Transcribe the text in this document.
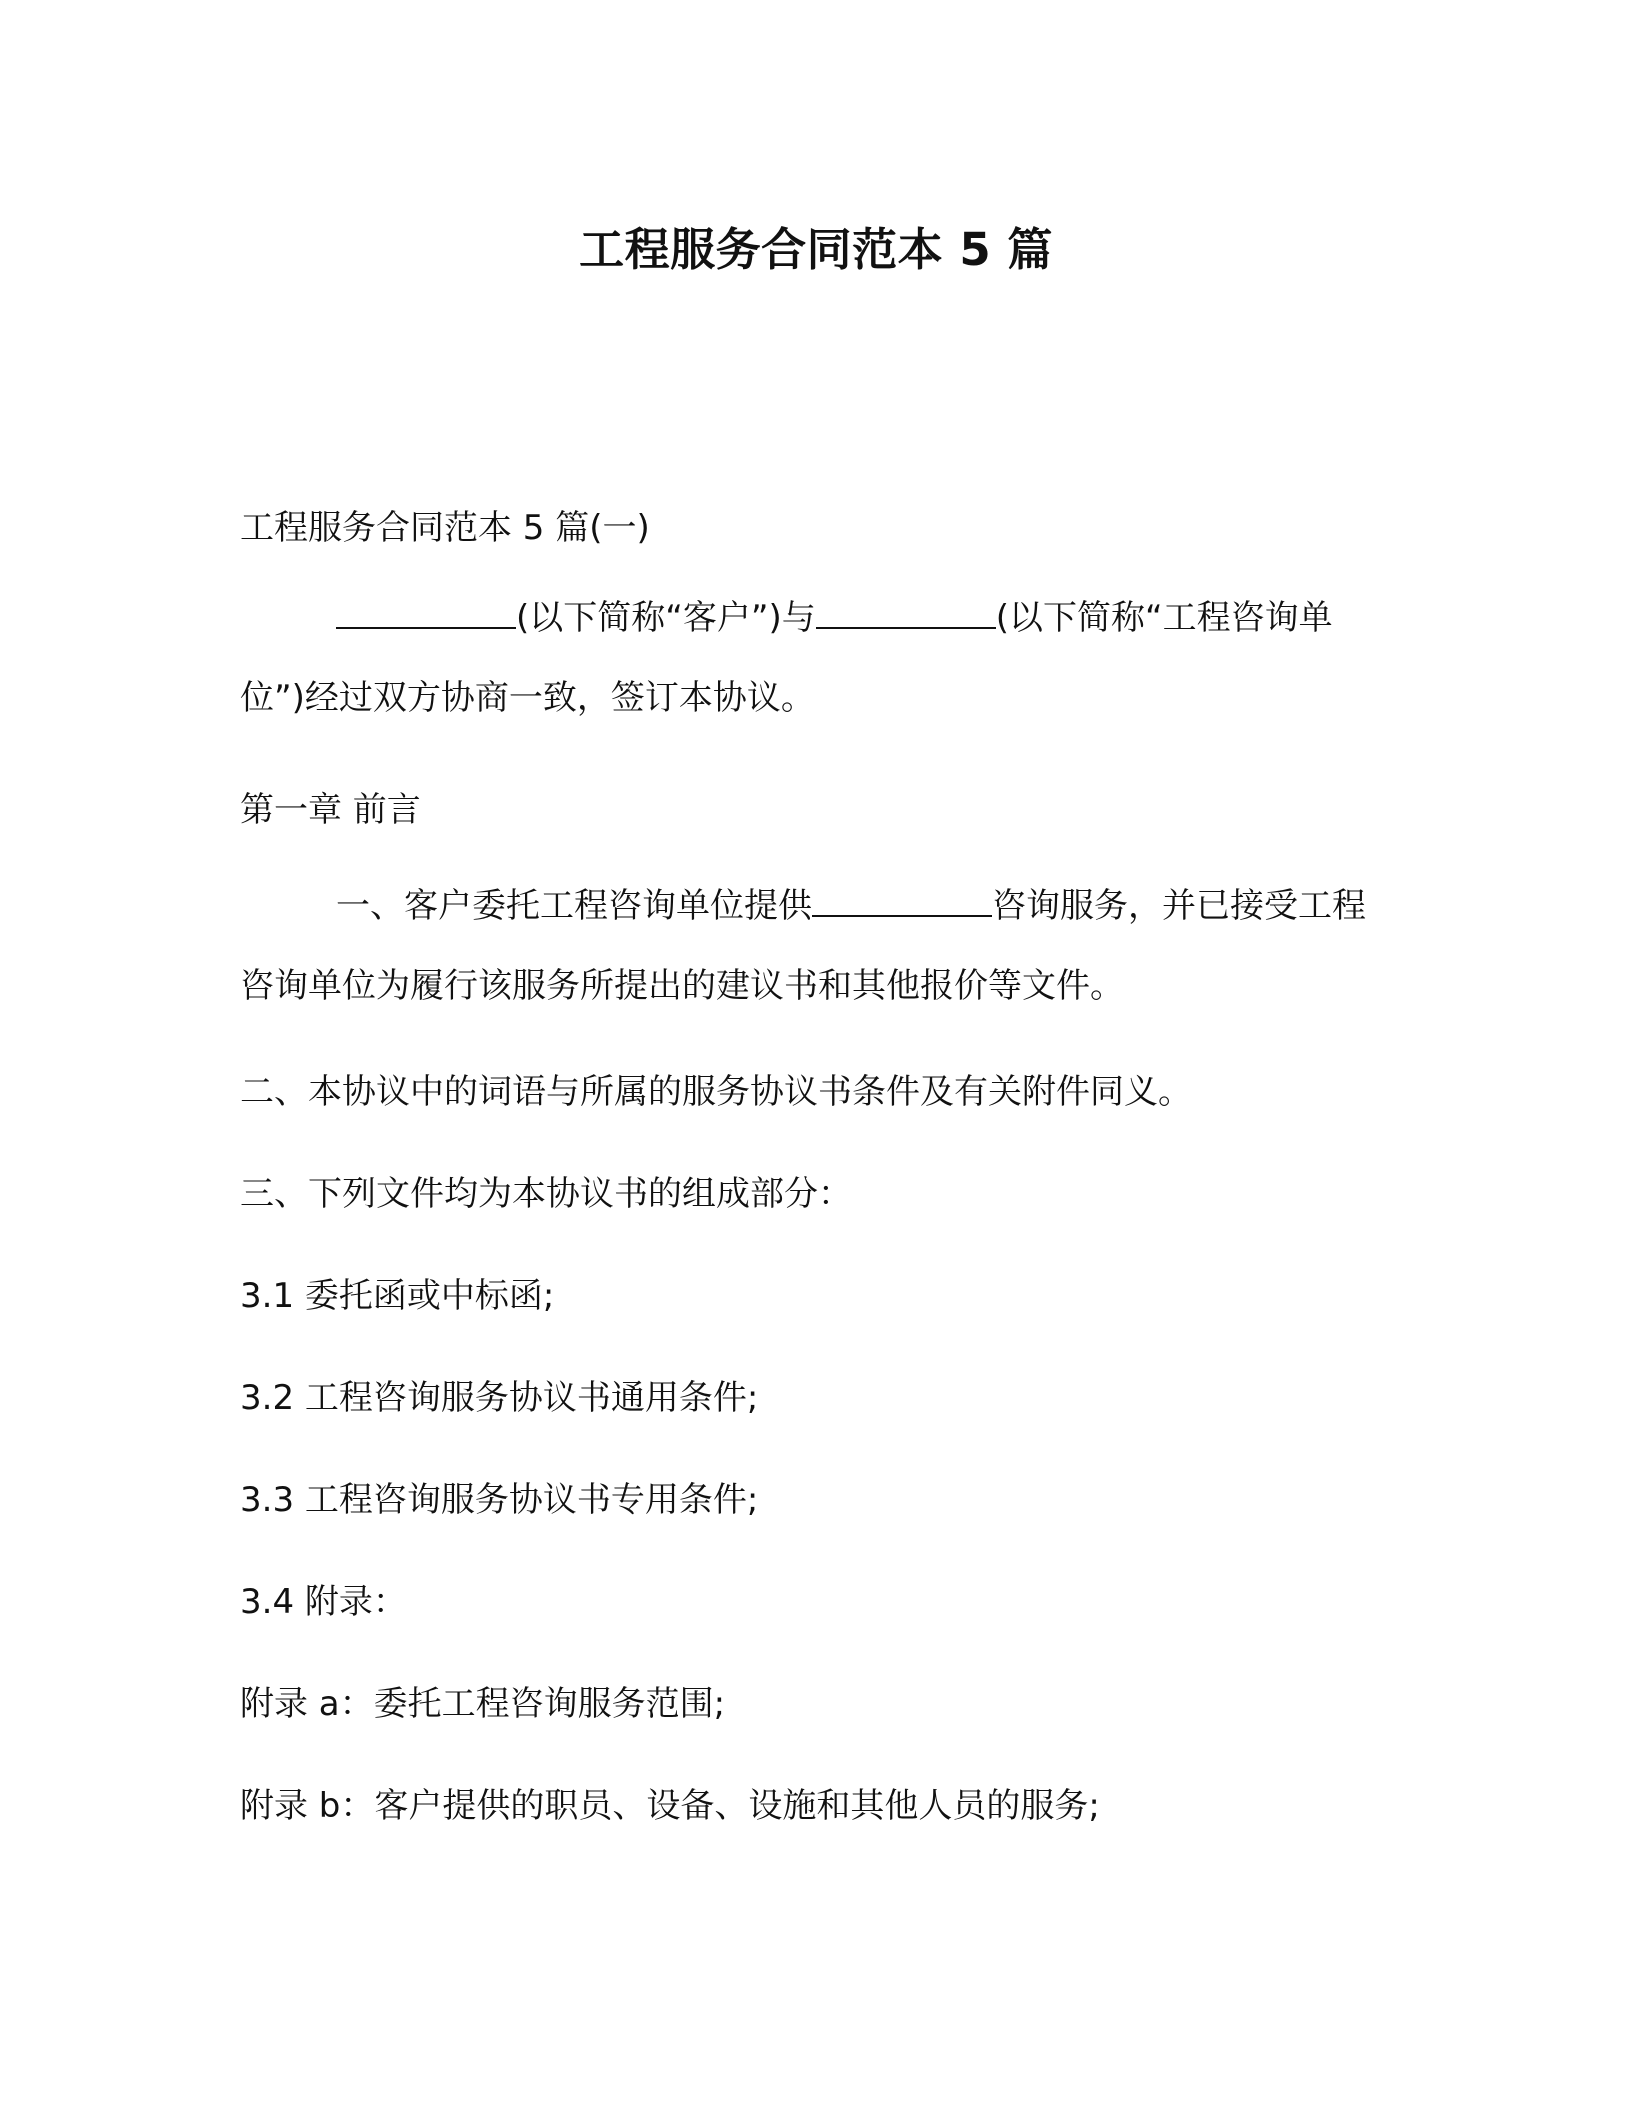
工程服务合同范本 5 篇
工程服务合同范本 5 篇(一)
(以下简称“客户”)与	(以下简称“工程咨询单位”)经过双方协商一致，签订本协议。
第一章 前言
一、客户委托工程咨询单位提供	咨询服务，并已接受工程咨询单位为履行该服务所提出的建议书和其他报价等文件。
二、本协议中的词语与所属的服务协议书条件及有关附件同义。
三、下列文件均为本协议书的组成部分：
3.1 委托函或中标函;
3.2 工程咨询服务协议书通用条件;
3.3 工程咨询服务协议书专用条件;
3.4 附录：
附录 a：委托工程咨询服务范围;
附录 b：客户提供的职员、设备、设施和其他人员的服务;
